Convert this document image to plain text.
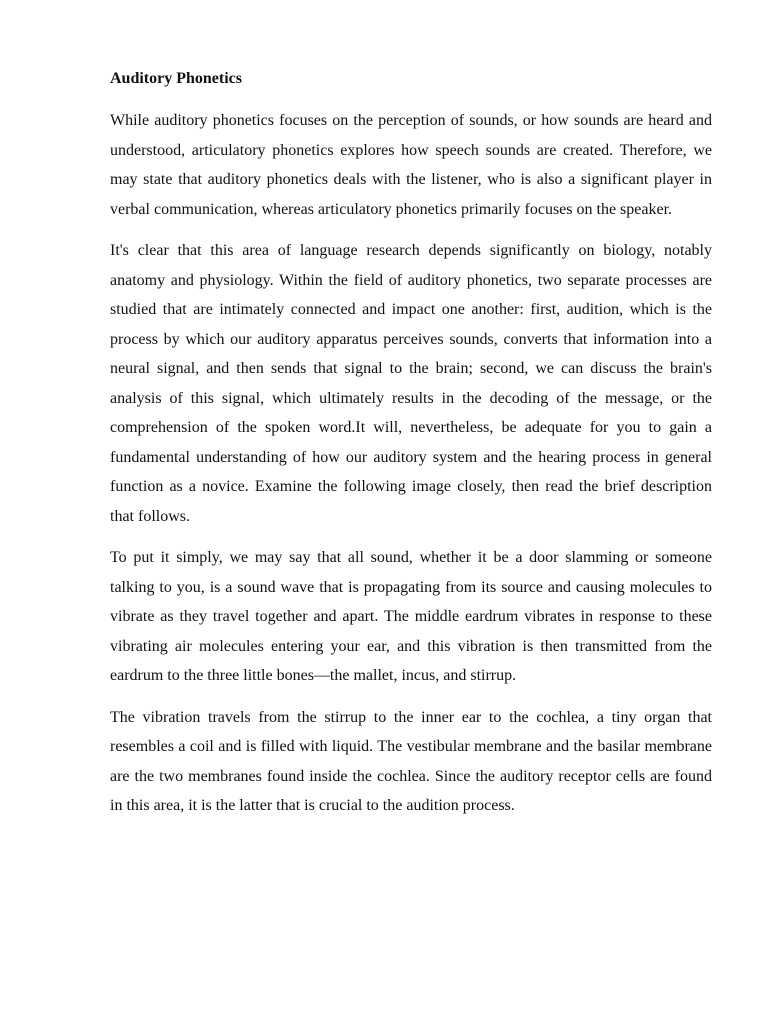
Auditory Phonetics

While auditory phonetics focuses on the perception of sounds, or how sounds are heard and understood, articulatory phonetics explores how speech sounds are created. Therefore, we may state that auditory phonetics deals with the listener, who is also a significant player in verbal communication, whereas articulatory phonetics primarily focuses on the speaker.

It's clear that this area of language research depends significantly on biology, notably anatomy and physiology. Within the field of auditory phonetics, two separate processes are studied that are intimately connected and impact one another: first, audition, which is the process by which our auditory apparatus perceives sounds, converts that information into a neural signal, and then sends that signal to the brain; second, we can discuss the brain's analysis of this signal, which ultimately results in the decoding of the message, or the comprehension of the spoken word.It will, nevertheless, be adequate for you to gain a fundamental understanding of how our auditory system and the hearing process in general function as a novice. Examine the following image closely, then read the brief description that follows.

To put it simply, we may say that all sound, whether it be a door slamming or someone talking to you, is a sound wave that is propagating from its source and causing molecules to vibrate as they travel together and apart. The middle eardrum vibrates in response to these vibrating air molecules entering your ear, and this vibration is then transmitted from the eardrum to the three little bones—the mallet, incus, and stirrup.

The vibration travels from the stirrup to the inner ear to the cochlea, a tiny organ that resembles a coil and is filled with liquid. The vestibular membrane and the basilar membrane are the two membranes found inside the cochlea. Since the auditory receptor cells are found in this area, it is the latter that is crucial to the audition process.
